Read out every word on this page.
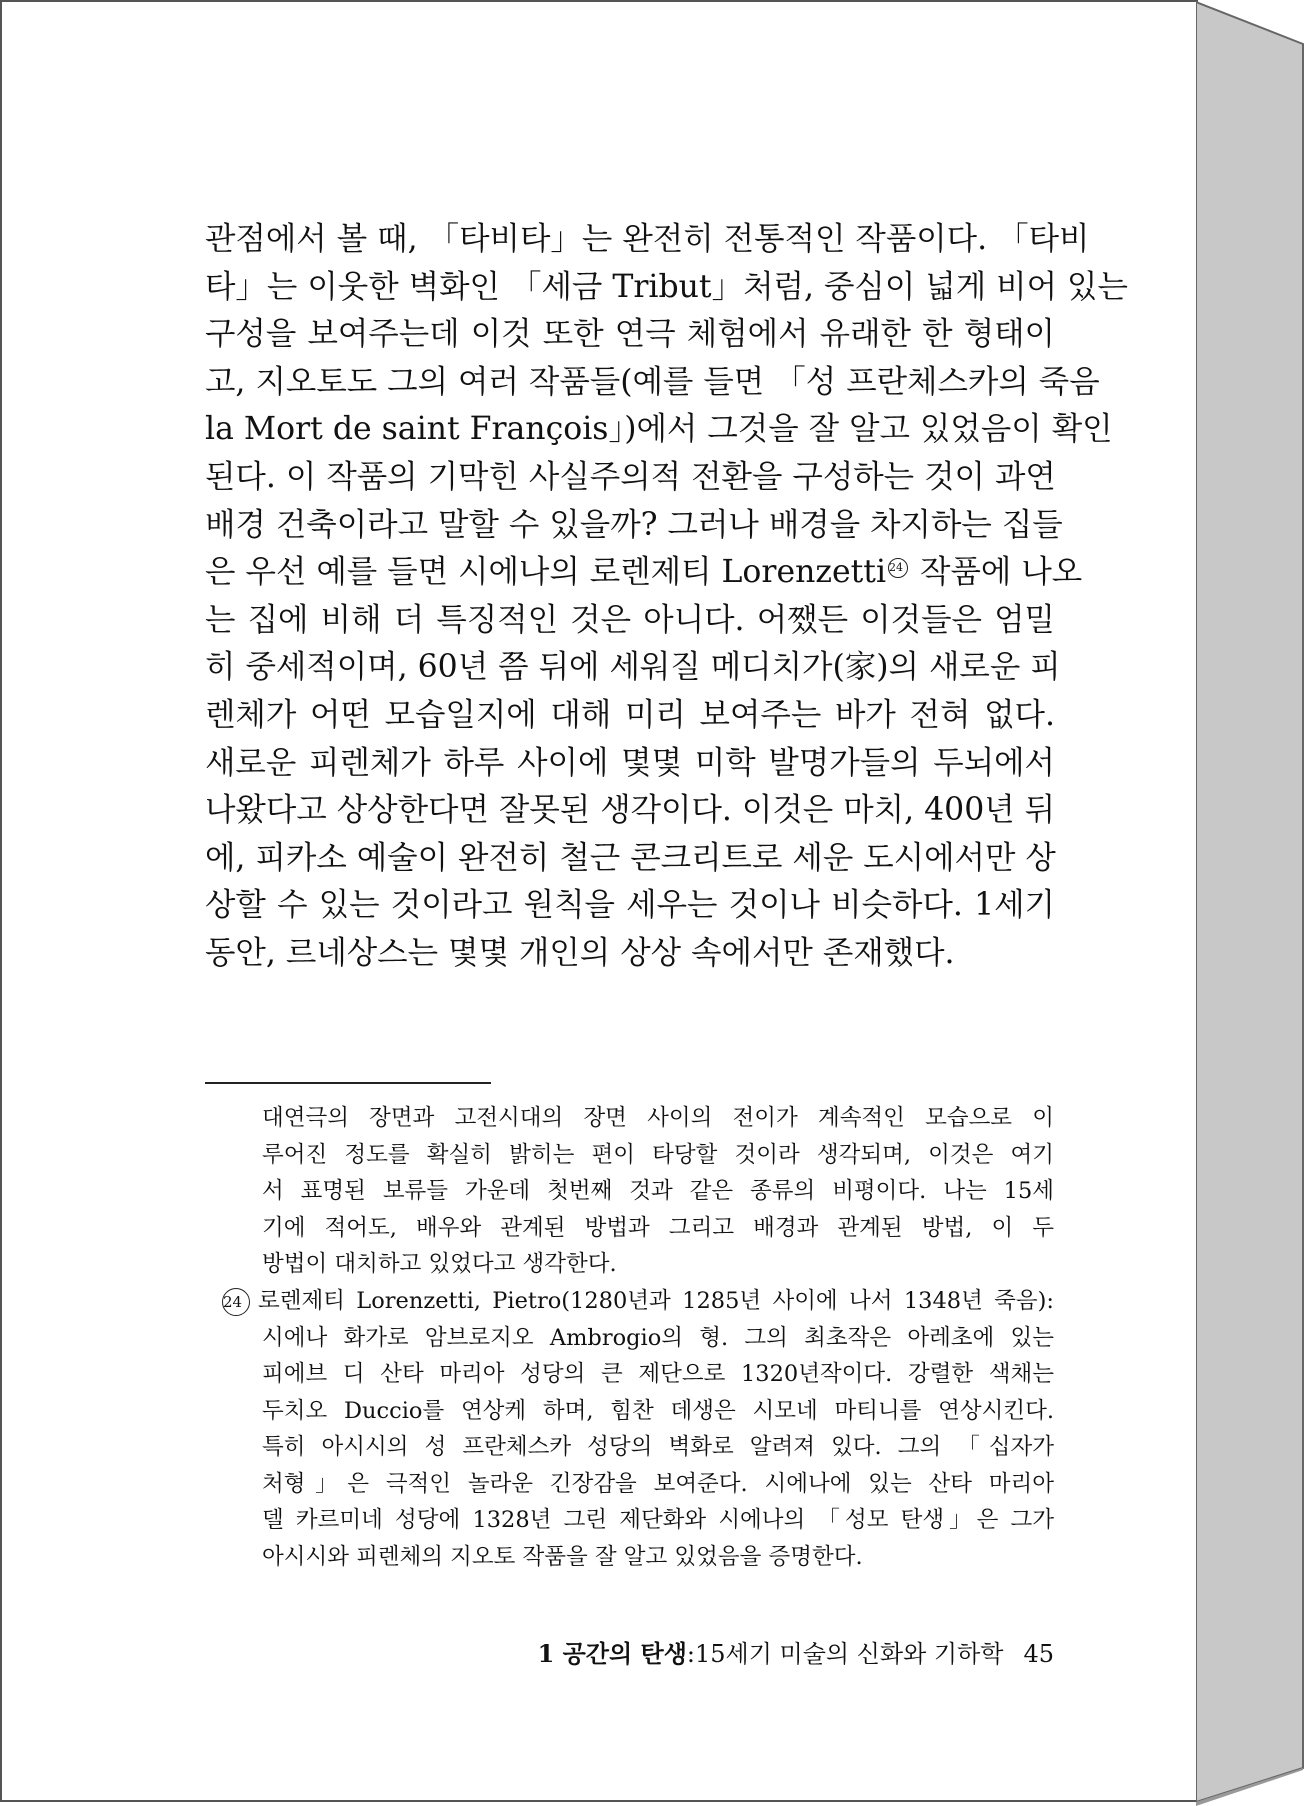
관점에서 볼 때, 「타비타」는 완전히 전통적인 작품이다. 「타비
타」는 이웃한 벽화인 「세금 Tribut」처럼, 중심이 넓게 비어 있는
구성을 보여주는데 이것 또한 연극 체험에서 유래한 한 형태이
고, 지오토도 그의 여러 작품들(예를 들면 「성 프란체스카의 죽음
la Mort de saint François」)에서 그것을 잘 알고 있었음이 확인
된다. 이 작품의 기막힌 사실주의적 전환을 구성하는 것이 과연
배경 건축이라고 말할 수 있을까? 그러나 배경을 차지하는 집들
은 우선 예를 들면 시에나의 로렌제티 Lorenzetti 24 작품에 나오
는 집에 비해 더 특징적인 것은 아니다. 어쨌든 이것들은 엄밀
히 중세적이며, 60년 쯤 뒤에 세워질 메디치가(家)의 새로운 피
렌체가 어떤 모습일지에 대해 미리 보여주는 바가 전혀 없다.
새로운 피렌체가 하루 사이에 몇몇 미학 발명가들의 두뇌에서
나왔다고 상상한다면 잘못된 생각이다. 이것은 마치, 400년 뒤
에, 피카소 예술이 완전히 철근 콘크리트로 세운 도시에서만 상
상할 수 있는 것이라고 원칙을 세우는 것이나 비슷하다. 1세기
동안, 르네상스는 몇몇 개인의 상상 속에서만 존재했다.
대연극의 장면과 고전시대의 장면 사이의 전이가 계속적인 모습으로 이
루어진 정도를 확실히 밝히는 편이 타당할 것이라 생각되며, 이것은 여기
서 표명된 보류들 가운데 첫번째 것과 같은 종류의 비평이다. 나는 15세
기에 적어도, 배우와 관계된 방법과 그리고 배경과 관계된 방법, 이 두
방법이 대치하고 있었다고 생각한다.
24 로렌제티 Lorenzetti, Pietro(1280년과 1285년 사이에 나서 1348년 죽음):
시에나 화가로 암브로지오 Ambrogio의 형. 그의 최초작은 아레초에 있는
피에브 디 산타 마리아 성당의 큰 제단으로 1320년작이다. 강렬한 색채는
두치오 Duccio를 연상케 하며, 힘찬 데생은 시모네 마티니를 연상시킨다.
특히 아시시의 성 프란체스카 성당의 벽화로 알려져 있다. 그의 「십자가
처형」은 극적인 놀라운 긴장감을 보여준다. 시에나에 있는 산타 마리아
델 카르미네 성당에 1328년 그린 제단화와 시에나의 「성모 탄생」은 그가
아시시와 피렌체의 지오토 작품을 잘 알고 있었음을 증명한다.
1 공간의 탄생:15세기 미술의 신화와 기하학 45
